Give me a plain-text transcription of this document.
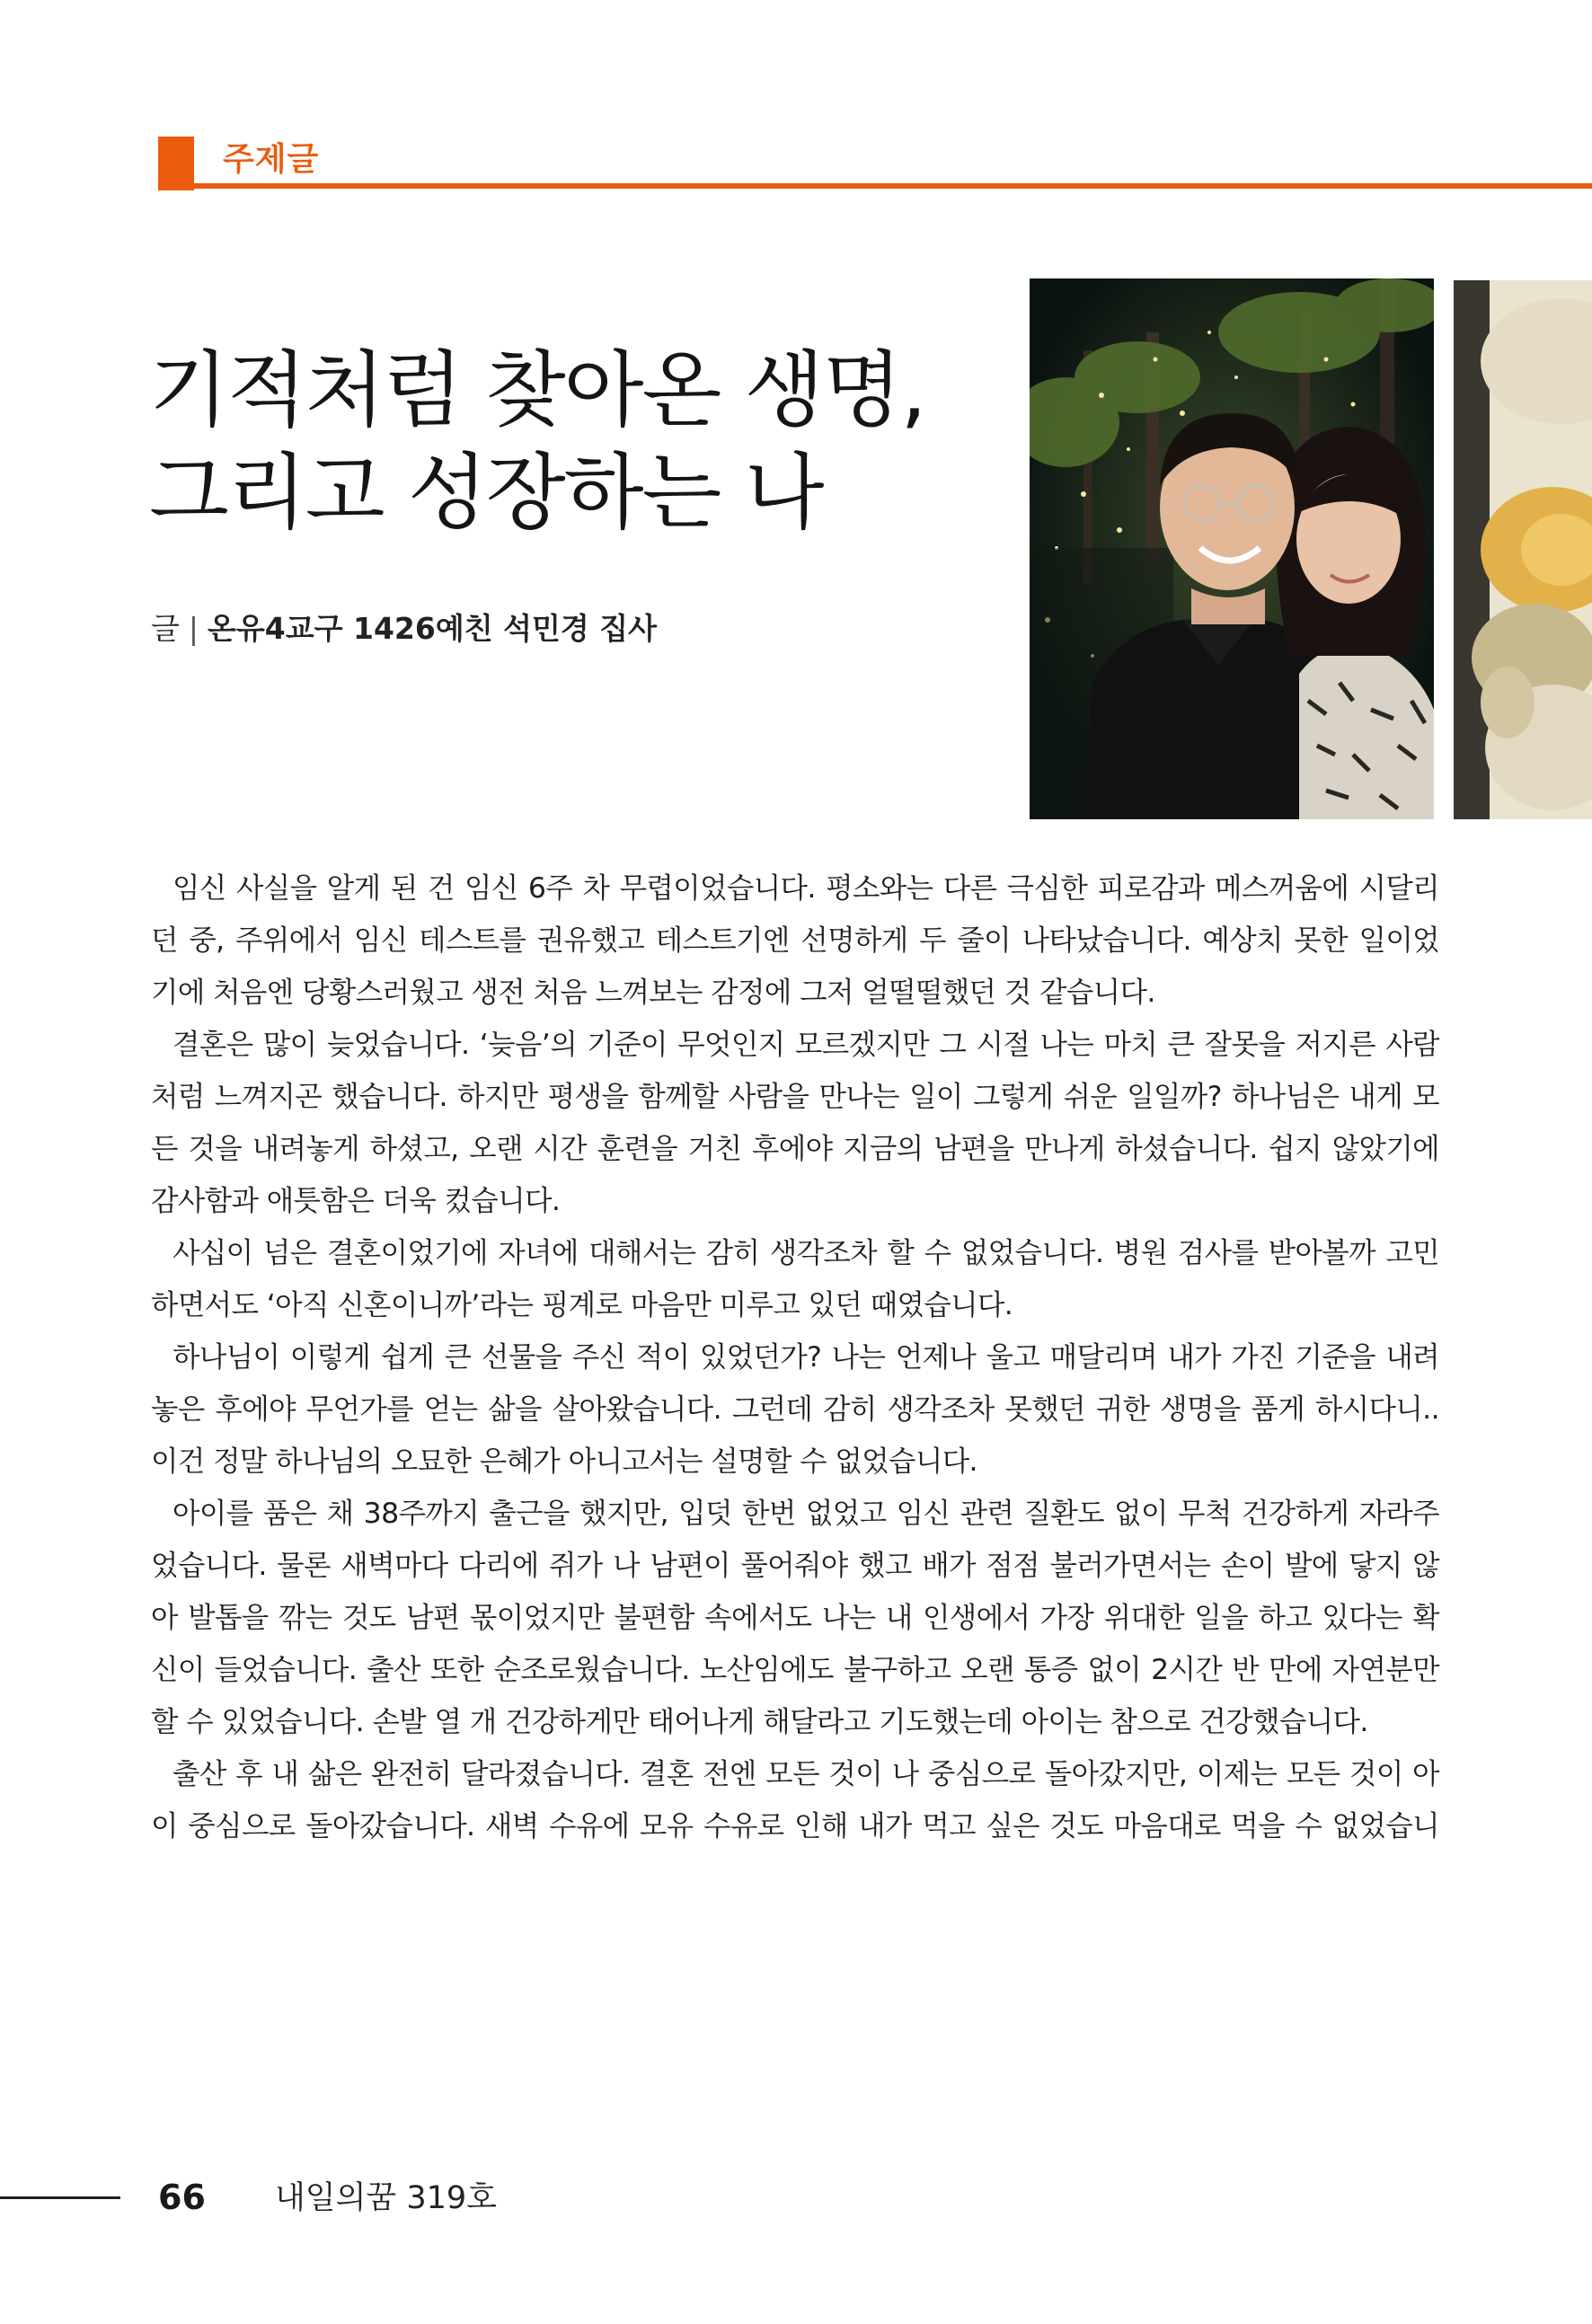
주제글
기적처럼 찾아온 생명,
그리고 성장하는 나
글 | 온유4교구 1426예친 석민경 집사
임신 사실을 알게 된 건 임신 6주 차 무렵이었습니다. 평소와는 다른 극심한 피로감과 메스꺼움에 시달리
던 중, 주위에서 임신 테스트를 권유했고 테스트기엔 선명하게 두 줄이 나타났습니다. 예상치 못한 일이었
기에 처음엔 당황스러웠고 생전 처음 느껴보는 감정에 그저 얼떨떨했던 것 같습니다.
결혼은 많이 늦었습니다. ‘늦음’의 기준이 무엇인지 모르겠지만 그 시절 나는 마치 큰 잘못을 저지른 사람
처럼 느껴지곤 했습니다. 하지만 평생을 함께할 사람을 만나는 일이 그렇게 쉬운 일일까? 하나님은 내게 모
든 것을 내려놓게 하셨고, 오랜 시간 훈련을 거친 후에야 지금의 남편을 만나게 하셨습니다. 쉽지 않았기에
감사함과 애틋함은 더욱 컸습니다.
사십이 넘은 결혼이었기에 자녀에 대해서는 감히 생각조차 할 수 없었습니다. 병원 검사를 받아볼까 고민
하면서도 ‘아직 신혼이니까’라는 핑계로 마음만 미루고 있던 때였습니다.
하나님이 이렇게 쉽게 큰 선물을 주신 적이 있었던가? 나는 언제나 울고 매달리며 내가 가진 기준을 내려
놓은 후에야 무언가를 얻는 삶을 살아왔습니다. 그런데 감히 생각조차 못했던 귀한 생명을 품게 하시다니..
이건 정말 하나님의 오묘한 은혜가 아니고서는 설명할 수 없었습니다.
아이를 품은 채 38주까지 출근을 했지만, 입덧 한번 없었고 임신 관련 질환도 없이 무척 건강하게 자라주
었습니다. 물론 새벽마다 다리에 쥐가 나 남편이 풀어줘야 했고 배가 점점 불러가면서는 손이 발에 닿지 않
아 발톱을 깎는 것도 남편 몫이었지만 불편함 속에서도 나는 내 인생에서 가장 위대한 일을 하고 있다는 확
신이 들었습니다. 출산 또한 순조로웠습니다. 노산임에도 불구하고 오랜 통증 없이 2시간 반 만에 자연분만
할 수 있었습니다. 손발 열 개 건강하게만 태어나게 해달라고 기도했는데 아이는 참으로 건강했습니다.
출산 후 내 삶은 완전히 달라졌습니다. 결혼 전엔 모든 것이 나 중심으로 돌아갔지만, 이제는 모든 것이 아
이 중심으로 돌아갔습니다. 새벽 수유에 모유 수유로 인해 내가 먹고 싶은 것도 마음대로 먹을 수 없었습니
66 내일의꿈 319호
